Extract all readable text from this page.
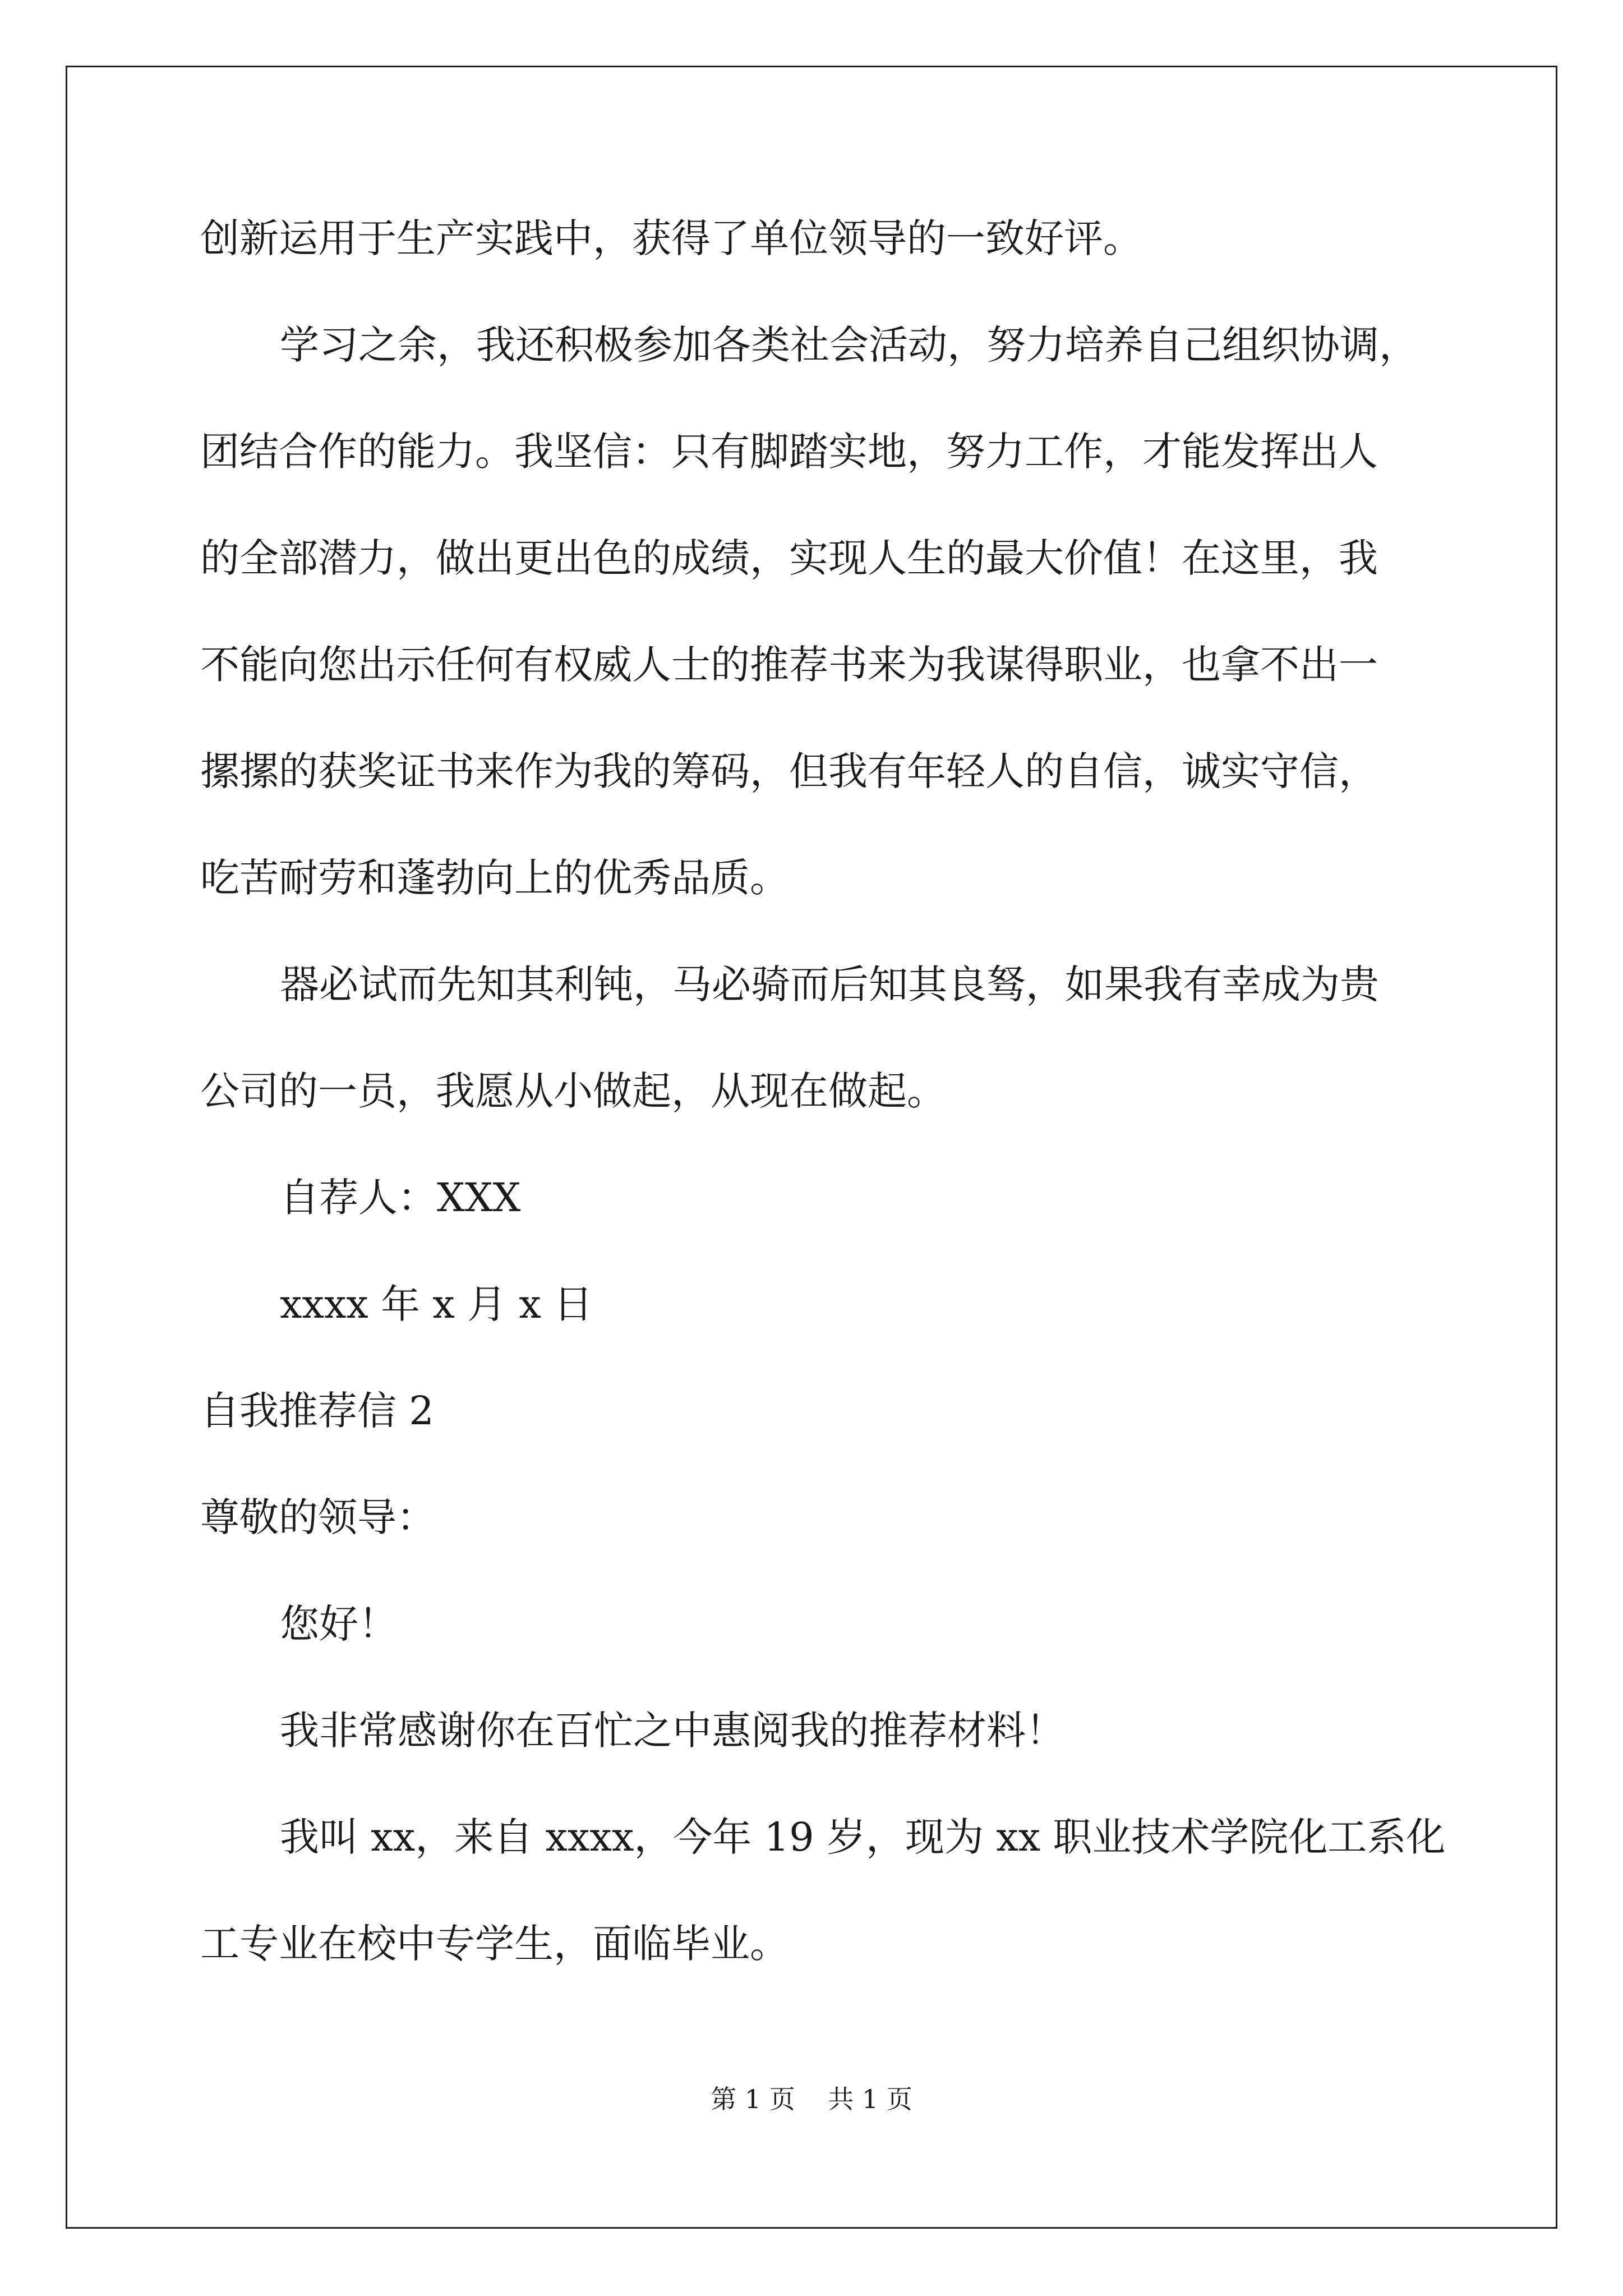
创新运用于生产实践中，获得了单位领导的一致好评。
学习之余，我还积极参加各类社会活动，努力培养自己组织协调，
团结合作的能力。我坚信：只有脚踏实地，努力工作，才能发挥出人
的全部潜力，做出更出色的成绩，实现人生的最大价值！在这里，我
不能向您出示任何有权威人士的推荐书来为我谋得职业，也拿不出一
摞摞的获奖证书来作为我的筹码，但我有年轻人的自信，诚实守信，
吃苦耐劳和蓬勃向上的优秀品质。
器必试而先知其利钝，马必骑而后知其良驽，如果我有幸成为贵
公司的一员，我愿从小做起，从现在做起。
自荐人：XXX
xxxx 年 x 月 x 日
自我推荐信 2
尊敬的领导：
您好！
我非常感谢你在百忙之中惠阅我的推荐材料！
我叫 xx，来自 xxxx，今年 19 岁，现为 xx 职业技术学院化工系化
工专业在校中专学生，面临毕业。
第 1 页    共 1 页
